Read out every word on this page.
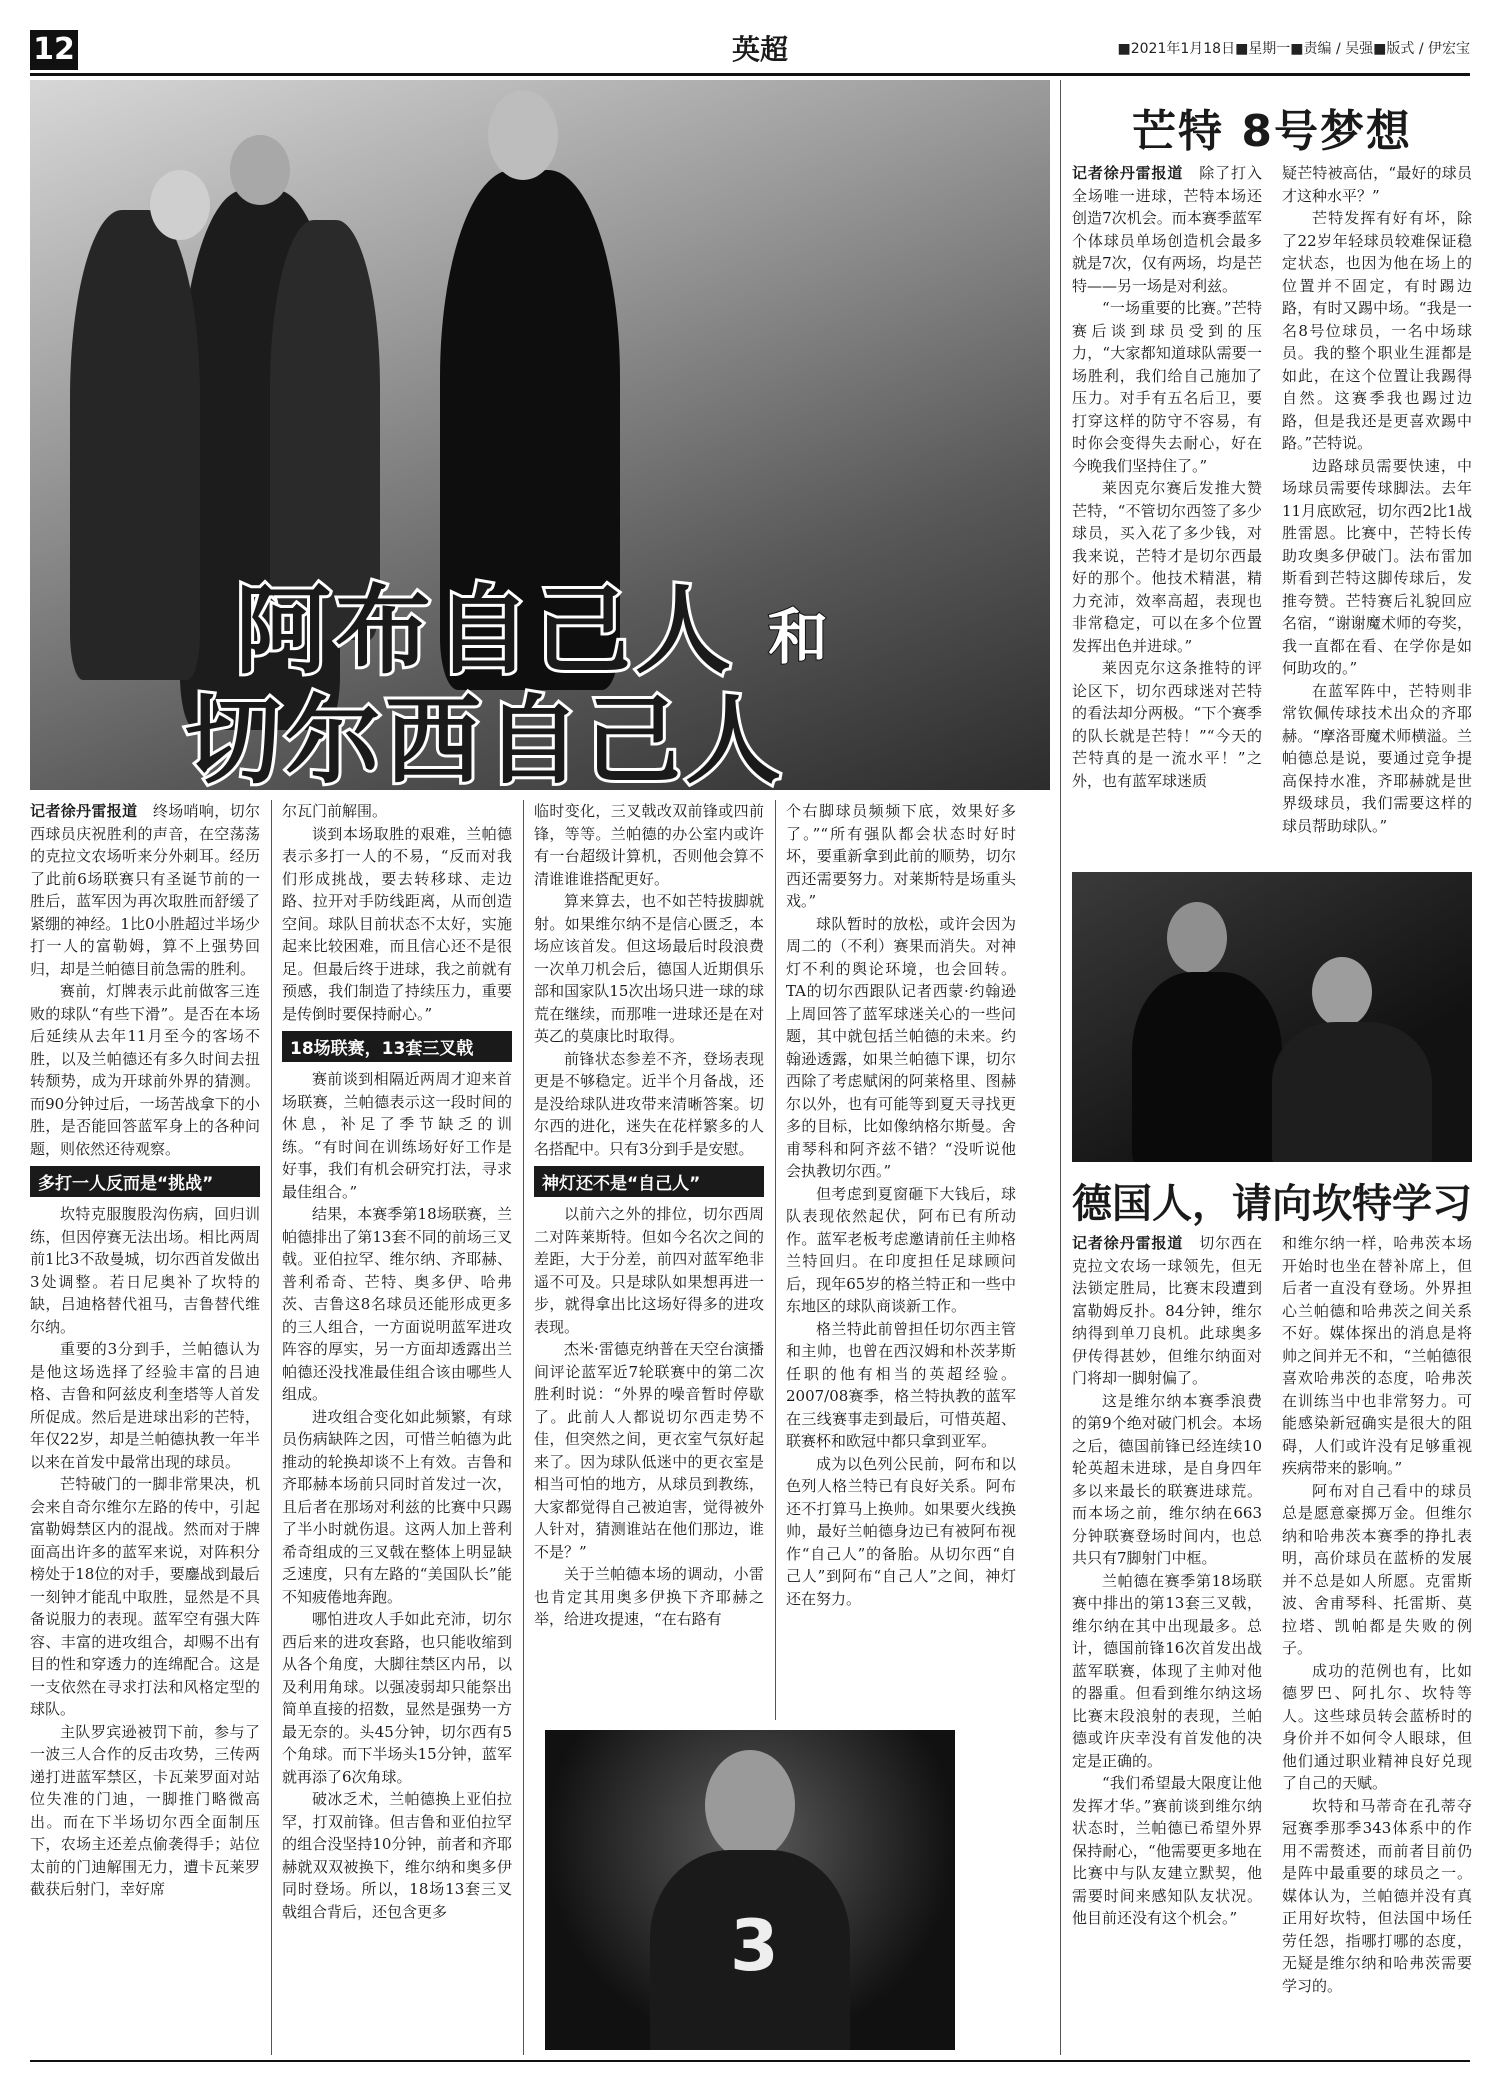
12	英超	■2021年1月18日■星期一■责编 / 吴强■版式 / 伊宏宝
阿布自己人 和
切尔西自己人

记者徐丹雷报道　 终场哨响，切尔西球员庆祝胜利的声音，在空荡荡的克拉文农场听来分外刺耳。经历了此前6场联赛只有圣诞节前的一胜后，蓝军因为再次取胜而舒缓了紧绷的神经。1比0小胜超过半场少打一人的富勒姆，算不上强势回归，却是兰帕德目前急需的胜利。

赛前，灯牌表示此前做客三连败的球队“有些下滑”。是否在本场后延续从去年11月至今的客场不胜，以及兰帕德还有多久时间去扭转颓势，成为开球前外界的猜测。而90分钟过后，一场苦战拿下的小胜，是否能回答蓝军身上的各种问题，则依然还待观察。

多打一人反而是“挑战”

坎特克服腹股沟伤病，回归训练，但因停赛无法出场。相比两周前1比3不敌曼城，切尔西首发做出3处调整。若日尼奥补了坎特的缺，吕迪格替代祖马，吉鲁替代维尔纳。

重要的3分到手，兰帕德认为是他这场选择了经验丰富的吕迪格、吉鲁和阿兹皮利奎塔等人首发所促成。然后是进球出彩的芒特，年仅22岁，却是兰帕德执教一年半以来在首发中最常出现的球员。

芒特破门的一脚非常果决，机会来自奇尔维尔左路的传中，引起富勒姆禁区内的混战。然而对于牌面高出许多的蓝军来说，对阵积分榜处于18位的对手，要鏖战到最后一刻钟才能乱中取胜，显然是不具备说服力的表现。蓝军空有强大阵容、丰富的进攻组合，却赐不出有目的性和穿透力的连绵配合。这是一支依然在寻求打法和风格定型的球队。

主队罗宾逊被罚下前，参与了一波三人合作的反击攻势，三传两递打进蓝军禁区，卡瓦莱罗面对站位失准的门迪，一脚推门略微高出。而在下半场切尔西全面制压下，农场主还差点偷袭得手；站位太前的门迪解围无力，遭卡瓦莱罗截获后射门，幸好席

尔瓦门前解围。

谈到本场取胜的艰难，兰帕德表示多打一人的不易，“反而对我们形成挑战，要去转移球、走边路、拉开对手防线距离，从而创造空间。球队目前状态不太好，实施起来比较困难，而且信心还不是很足。但最后终于进球，我之前就有预感，我们制造了持续压力，重要是传倒时要保持耐心。”

18场联赛，13套三叉戟

赛前谈到相隔近两周才迎来首场联赛，兰帕德表示这一段时间的休息，补足了季节缺乏的训练。“有时间在训练场好好工作是好事，我们有机会研究打法，寻求最佳组合。”

结果，本赛季第18场联赛，兰帕德排出了第13套不同的前场三叉戟。亚伯拉罕、维尔纳、齐耶赫、普利希奇、芒特、奥多伊、哈弗茨、吉鲁这8名球员还能形成更多的三人组合，一方面说明蓝军进攻阵容的厚实，另一方面却透露出兰帕德还没找准最佳组合该由哪些人组成。

进攻组合变化如此频繁，有球员伤病缺阵之因，可惜兰帕德为此推动的轮换却谈不上有效。吉鲁和齐耶赫本场前只同时首发过一次，且后者在那场对利兹的比赛中只踢了半小时就伤退。这两人加上普利希奇组成的三叉戟在整体上明显缺乏速度，只有左路的“美国队长”能不知疲倦地奔跑。

哪怕进攻人手如此充沛，切尔西后来的进攻套路，也只能收缩到从各个角度，大脚往禁区内吊，以及利用角球。以强凌弱却只能祭出简单直接的招数，显然是强势一方最无奈的。头45分钟，切尔西有5个角球。而下半场头15分钟，蓝军就再添了6次角球。

破冰乏术，兰帕德换上亚伯拉罕，打双前锋。但吉鲁和亚伯拉罕的组合没坚持10分钟，前者和齐耶赫就双双被换下，维尔纳和奥多伊同时登场。所以，18场13套三叉戟组合背后，还包含更多

临时变化，三叉戟改双前锋或四前锋，等等。兰帕德的办公室内或许有一台超级计算机，否则他会算不清谁谁谁搭配更好。

算来算去，也不如芒特拔脚就射。如果维尔纳不是信心匮乏，本场应该首发。但这场最后时段浪费一次单刀机会后，德国人近期俱乐部和国家队15次出场只进一球的球荒在继续，而那唯一进球还是在对英乙的莫康比时取得。

前锋状态参差不齐，登场表现更是不够稳定。近半个月备战，还是没给球队进攻带来清晰答案。切尔西的进化，迷失在花样繁多的人名搭配中。只有3分到手是安慰。

神灯还不是“自己人”

以前六之外的排位，切尔西周二对阵莱斯特。但如今名次之间的差距，大于分差，前四对蓝军绝非遥不可及。只是球队如果想再进一步，就得拿出比这场好得多的进攻表现。

杰米·雷德克纳普在天空台演播间评论蓝军近7轮联赛中的第二次胜利时说：“外界的噪音暂时停歇了。此前人人都说切尔西走势不佳，但突然之间，更衣室气氛好起来了。因为球队低迷中的更衣室是相当可怕的地方，从球员到教练，大家都觉得自己被迫害，觉得被外人针对，猜测谁站在他们那边，谁不是？”

关于兰帕德本场的调动，小雷也肯定其用奥多伊换下齐耶赫之举，给进攻提速，“在右路有

个右脚球员频频下底，效果好多了。”“所有强队都会状态时好时坏，要重新拿到此前的顺势，切尔西还需要努力。对莱斯特是场重头戏。”

球队暂时的放松，或许会因为周二的（不利）赛果而消失。对神灯不利的舆论环境，也会回转。TA的切尔西跟队记者西蒙·约翰逊上周回答了蓝军球迷关心的一些问题，其中就包括兰帕德的未来。约翰逊透露，如果兰帕德下课，切尔西除了考虑赋闲的阿莱格里、图赫尔以外，也有可能等到夏天寻找更多的目标，比如像纳格尔斯曼。舍甫琴科和阿齐兹不错？“没听说他会执教切尔西。”

但考虑到夏窗砸下大钱后，球队表现依然起伏，阿布已有所动作。蓝军老板考虑邀请前任主帅格兰特回归。在印度担任足球顾问后，现年65岁的格兰特正和一些中东地区的球队商谈新工作。

格兰特此前曾担任切尔西主管和主帅，也曾在西汉姆和朴茨茅斯任职的他有相当的英超经验。2007/08赛季，格兰特执教的蓝军在三线赛事走到最后，可惜英超、联赛杯和欧冠中都只拿到亚军。

成为以色列公民前，阿布和以色列人格兰特已有良好关系。阿布还不打算马上换帅。如果要火线换帅，最好兰帕德身边已有被阿布视作“自己人”的备胎。从切尔西“自己人”到阿布“自己人”之间，神灯还在努力。

3
芒特 8号梦想

记者徐丹雷报道　 除了打入全场唯一进球，芒特本场还创造7次机会。而本赛季蓝军个体球员单场创造机会最多就是7次，仅有两场，均是芒特——另一场是对利兹。

“一场重要的比赛。”芒特赛后谈到球员受到的压力，“大家都知道球队需要一场胜利，我们给自己施加了压力。对手有五名后卫，要打穿这样的防守不容易，有时你会变得失去耐心，好在今晚我们坚持住了。”

莱因克尔赛后发推大赞芒特，“不管切尔西签了多少球员，买入花了多少钱，对我来说，芒特才是切尔西最好的那个。他技术精湛，精力充沛，效率高超，表现也非常稳定，可以在多个位置发挥出色并进球。”

莱因克尔这条推特的评论区下，切尔西球迷对芒特的看法却分两极。“下个赛季的队长就是芒特！”“今天的芒特真的是一流水平！”之外，也有蓝军球迷质

疑芒特被高估，“最好的球员才这种水平？”

芒特发挥有好有坏，除了22岁年轻球员较难保证稳定状态，也因为他在场上的位置并不固定，有时踢边路，有时又踢中场。“我是一名8号位球员，一名中场球员。我的整个职业生涯都是如此，在这个位置让我踢得自然。这赛季我也踢过边路，但是我还是更喜欢踢中路。”芒特说。

边路球员需要快速，中场球员需要传球脚法。去年11月底欧冠，切尔西2比1战胜雷恩。比赛中，芒特长传助攻奥多伊破门。法布雷加斯看到芒特这脚传球后，发推夸赞。芒特赛后礼貌回应名宿，“谢谢魔术师的夸奖，我一直都在看、在学你是如何助攻的。”

在蓝军阵中，芒特则非常钦佩传球技术出众的齐耶赫。“摩洛哥魔术师横溢。兰帕德总是说，要通过竞争提高保持水准，齐耶赫就是世界级球员，我们需要这样的球员帮助球队。”

德国人，请向坎特学习

记者徐丹雷报道　 切尔西在克拉文农场一球领先，但无法锁定胜局，比赛末段遭到富勒姆反扑。84分钟，维尔纳得到单刀良机。此球奥多伊传得甚妙，但维尔纳面对门将却一脚射偏了。

这是维尔纳本赛季浪费的第9个绝对破门机会。本场之后，德国前锋已经连续10轮英超未进球，是自身四年多以来最长的联赛进球荒。而本场之前，维尔纳在663分钟联赛登场时间内，也总共只有7脚射门中框。

兰帕德在赛季第18场联赛中排出的第13套三叉戟，维尔纳在其中出现最多。总计，德国前锋16次首发出战蓝军联赛，体现了主帅对他的器重。但看到维尔纳这场比赛末段浪射的表现，兰帕德或许庆幸没有首发他的决定是正确的。

“我们希望最大限度让他发挥才华。”赛前谈到维尔纳状态时，兰帕德已希望外界保持耐心，“他需要更多地在比赛中与队友建立默契，他需要时间来感知队友状况。他目前还没有这个机会。”

和维尔纳一样，哈弗茨本场开始时也坐在替补席上，但后者一直没有登场。外界担心兰帕德和哈弗茨之间关系不好。媒体探出的消息是将帅之间并无不和，“兰帕德很喜欢哈弗茨的态度，哈弗茨在训练当中也非常努力。可能感染新冠确实是很大的阻碍，人们或许没有足够重视疾病带来的影响。”

阿布对自己看中的球员总是愿意豪掷万金。但维尔纳和哈弗茨本赛季的挣扎表明，高价球员在蓝桥的发展并不总是如人所愿。克雷斯波、舍甫琴科、托雷斯、莫拉塔、凯帕都是失败的例子。

成功的范例也有，比如德罗巴、阿扎尔、坎特等人。这些球员转会蓝桥时的身价并不如何令人眼球，但他们通过职业精神良好兑现了自己的天赋。

坎特和马蒂奇在孔蒂夺冠赛季那季343体系中的作用不需赘述，而前者目前仍是阵中最重要的球员之一。媒体认为，兰帕德并没有真正用好坎特，但法国中场任劳任怨，指哪打哪的态度，无疑是维尔纳和哈弗茨需要学习的。
